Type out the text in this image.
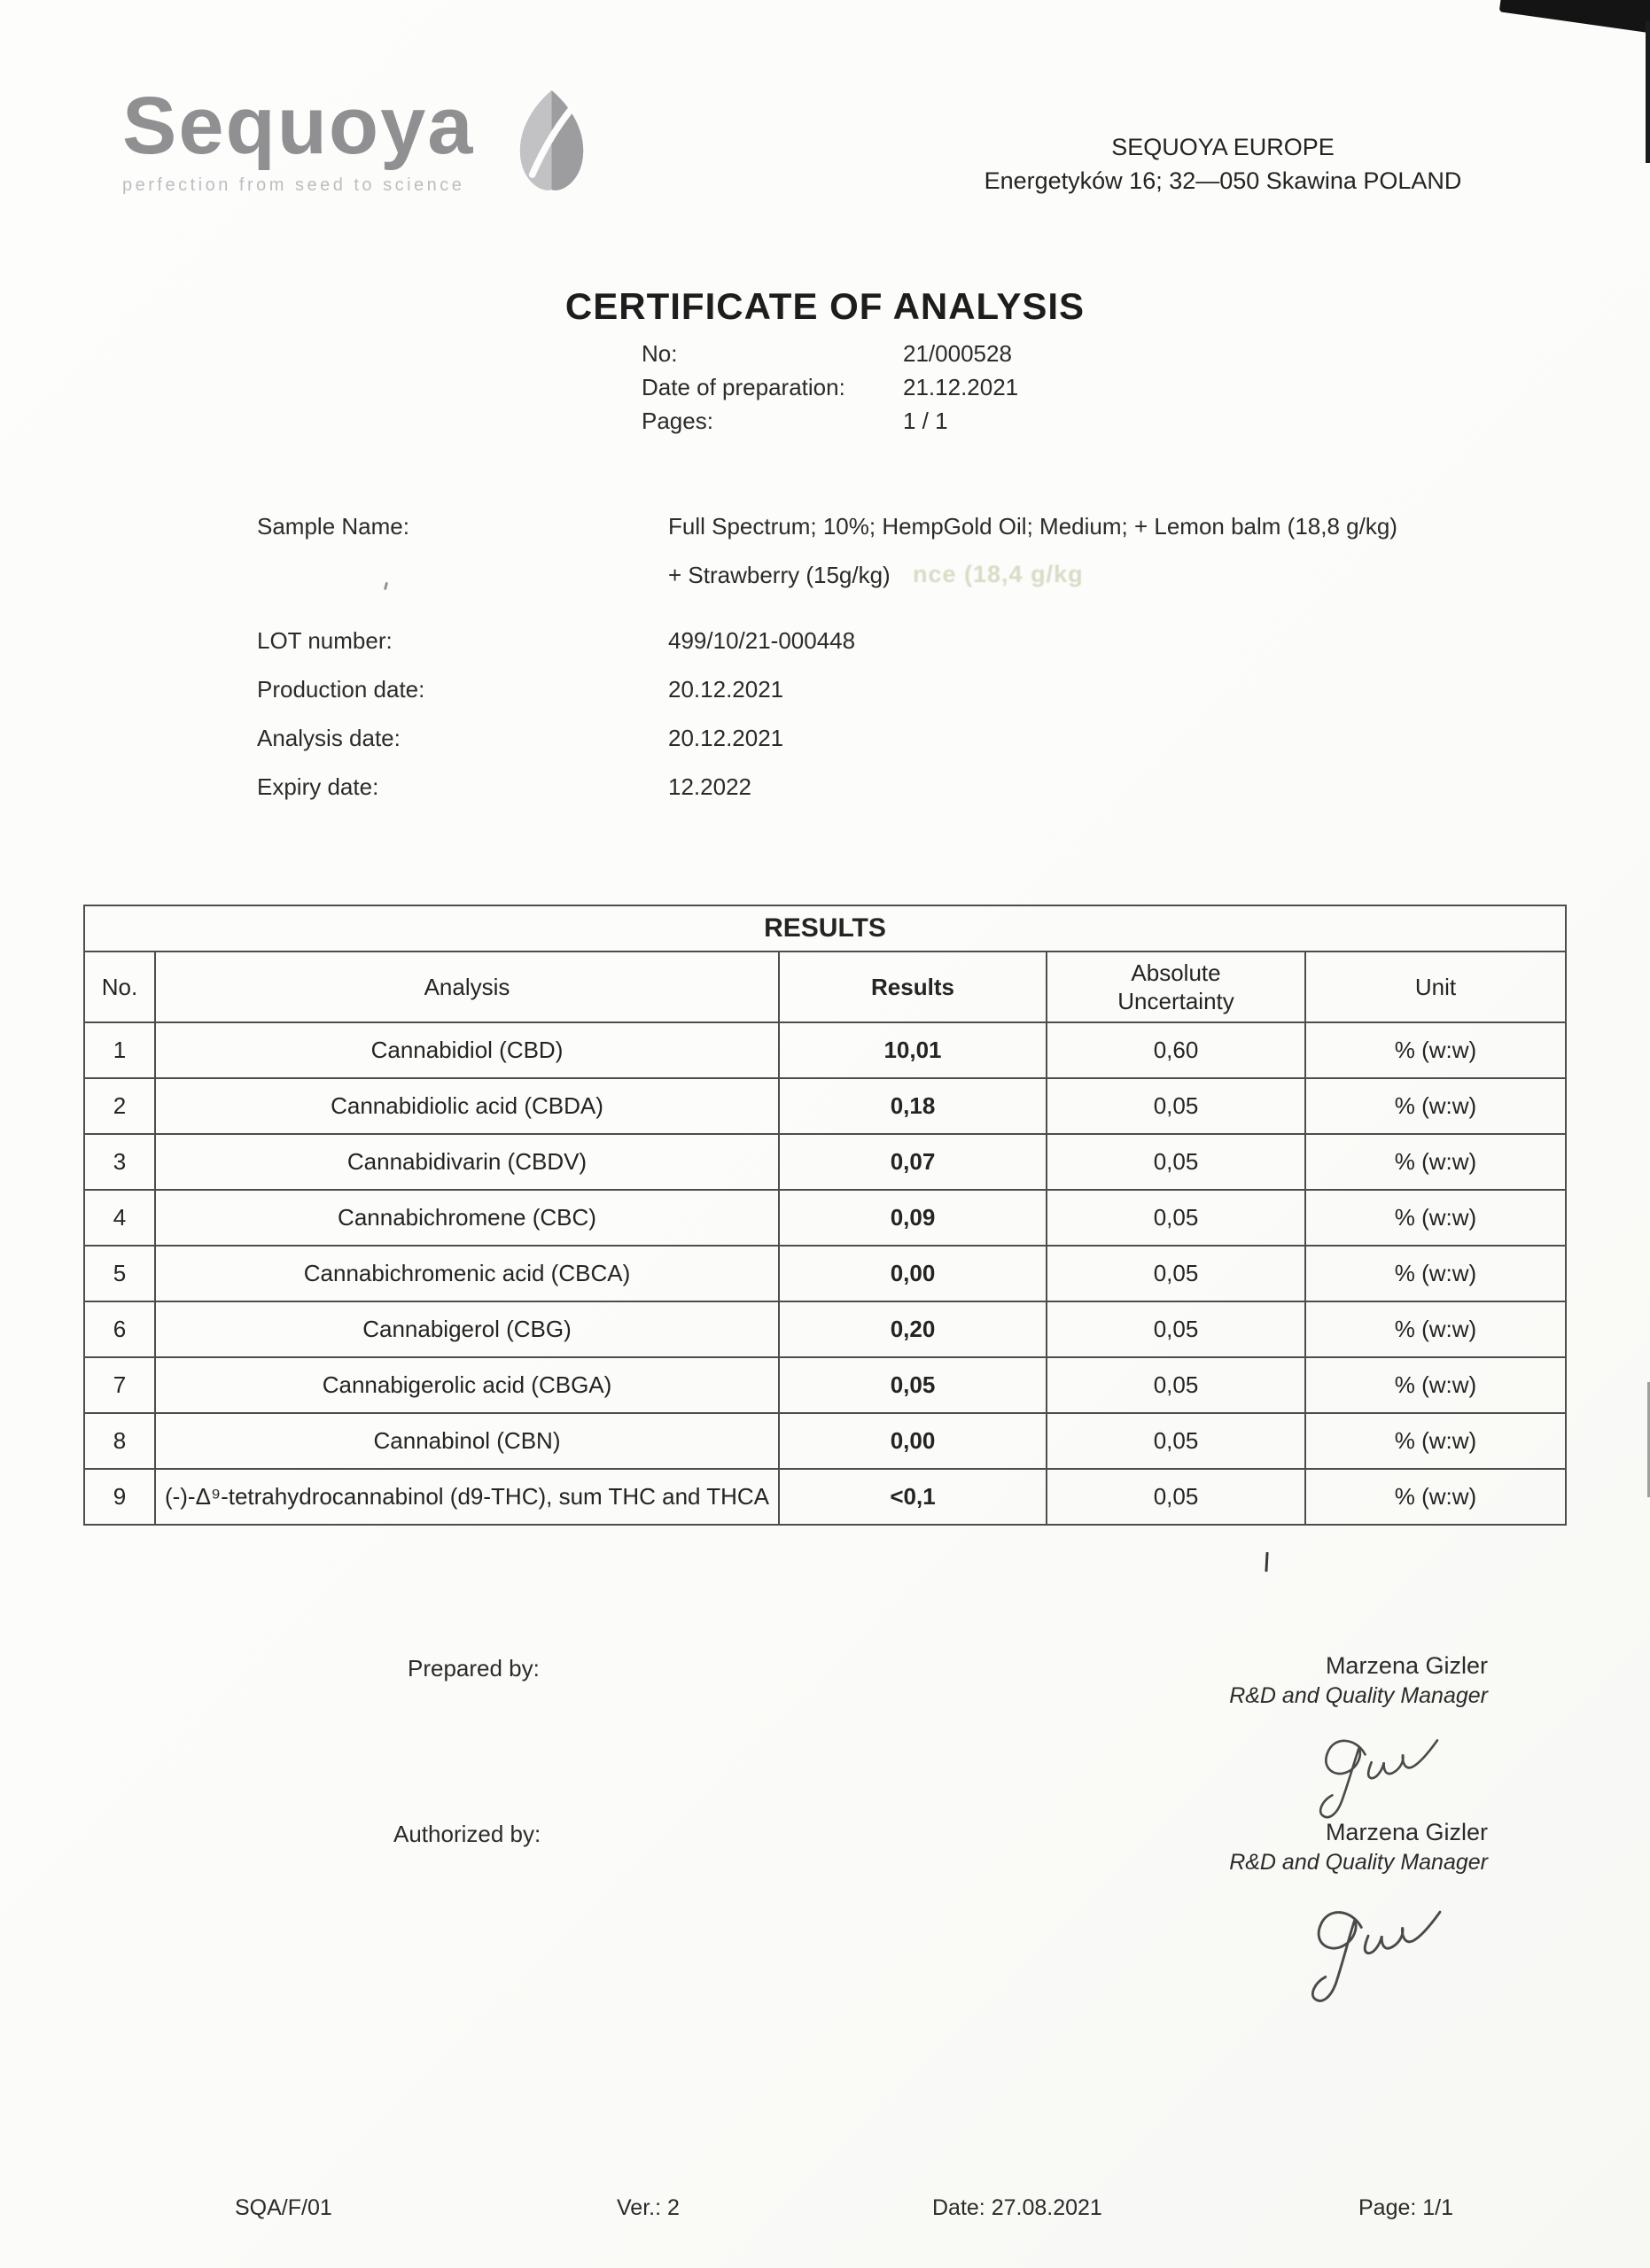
nce (18,4 g/kg
Sequoya
perfection from seed to science
SEQUOYA EUROPE
Energetyków 16; 32—050 Skawina POLAND
CERTIFICATE OF ANALYSIS
No:	21/000528
Date of preparation:	21.12.2021
Pages:	1 / 1
Sample Name:	Full Spectrum; 10%; HempGold Oil; Medium; + Lemon balm (18,8 g/kg)
+ Strawberry (15g/kg)
LOT number:	499/10/21-000448
Production date:	20.12.2021
Analysis date:	20.12.2021
Expiry date:	12.2022
RESULTS				
No.	Analysis	Results	Absolute Uncertainty	Unit
1	Cannabidiol (CBD)	10,01	0,60	% (w:w)
2	Cannabidiolic acid (CBDA)	0,18	0,05	% (w:w)
3	Cannabidivarin (CBDV)	0,07	0,05	% (w:w)
4	Cannabichromene (CBC)	0,09	0,05	% (w:w)
5	Cannabichromenic acid (CBCA)	0,00	0,05	% (w:w)
6	Cannabigerol (CBG)	0,20	0,05	% (w:w)
7	Cannabigerolic acid (CBGA)	0,05	0,05	% (w:w)
8	Cannabinol (CBN)	0,00	0,05	% (w:w)
9	(-)-Δ⁹-tetrahydrocannabinol (d9-THC), sum THC and THCA	<0,1	0,05	% (w:w)
Prepared by:	Marzena Gizler
R&D and Quality Manager
Authorized by:	Marzena Gizler
R&D and Quality Manager
SQA/F/01	Ver.: 2	Date: 27.08.2021	Page: 1/1
